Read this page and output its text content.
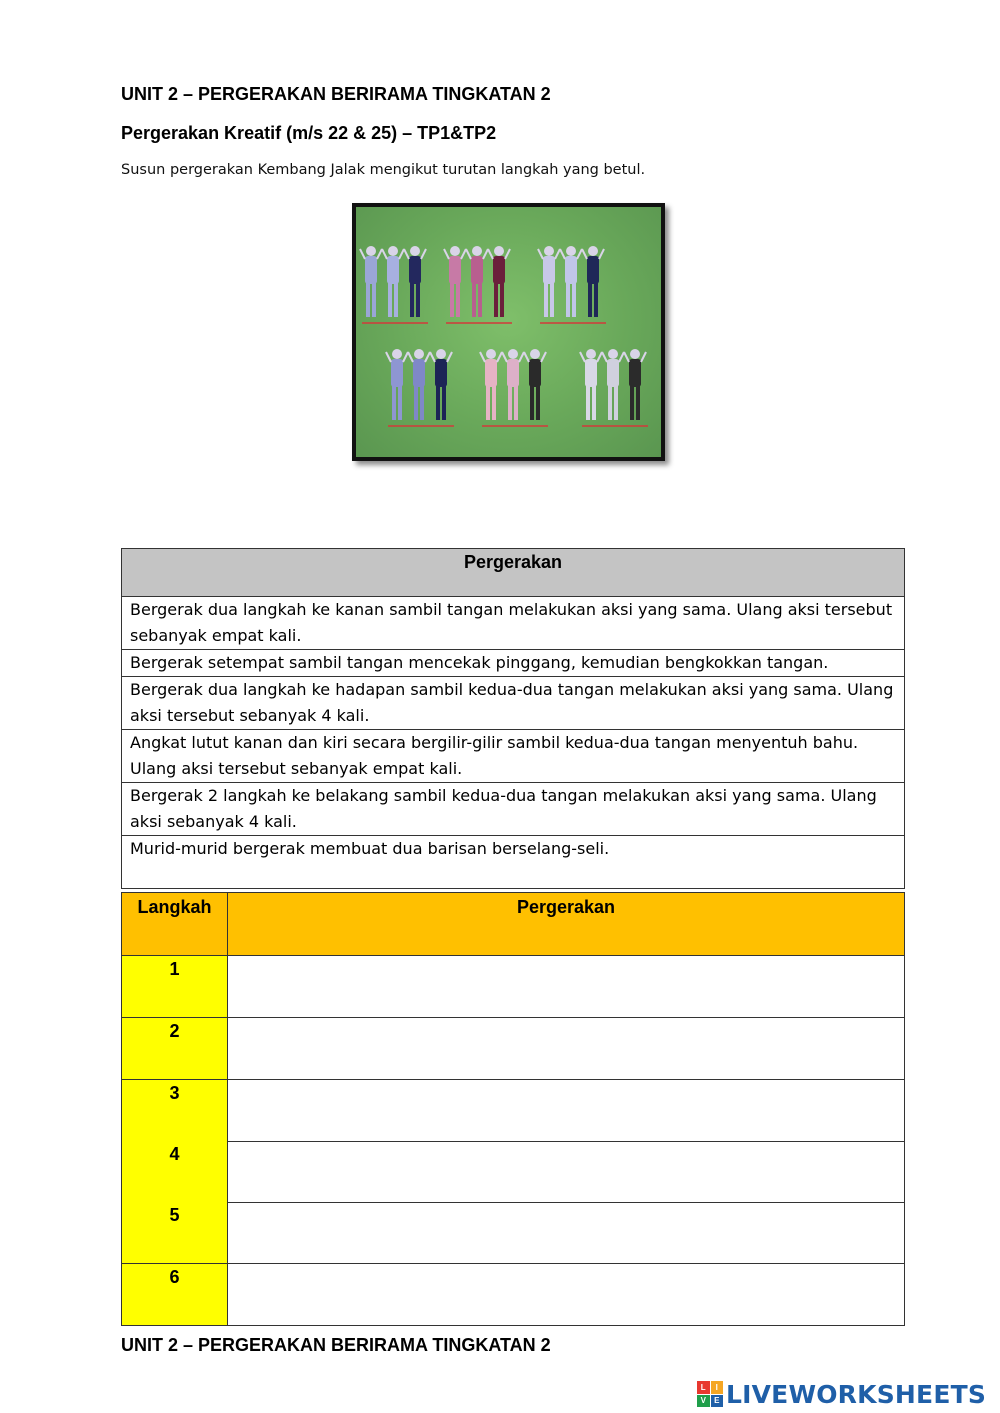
UNIT 2 – PERGERAKAN BERIRAMA TINGKATAN 2
Pergerakan Kreatif (m/s 22 & 25) – TP1&TP2
Susun pergerakan Kembang Jalak mengikut turutan langkah yang betul.
Pergerakan
Bergerak dua langkah ke kanan sambil tangan melakukan aksi yang sama. Ulang aksi tersebut sebanyak empat kali.
Bergerak setempat sambil tangan mencekak pinggang, kemudian bengkokkan tangan.
Bergerak dua langkah ke hadapan sambil kedua-dua tangan melakukan aksi yang sama. Ulang aksi tersebut sebanyak 4 kali.
Angkat lutut kanan dan kiri secara bergilir-gilir sambil kedua-dua tangan menyentuh bahu. Ulang aksi tersebut sebanyak empat kali.
Bergerak 2 langkah ke belakang sambil kedua-dua tangan melakukan aksi yang sama. Ulang aksi sebanyak 4 kali.
Murid-murid bergerak membuat dua barisan berselang-seli.
Langkah	Pergerakan
1	
2	
3	
4	
5	
6	
UNIT 2 – PERGERAKAN BERIRAMA TINGKATAN 2
L	I
V	E LIVEWORKSHEETS
